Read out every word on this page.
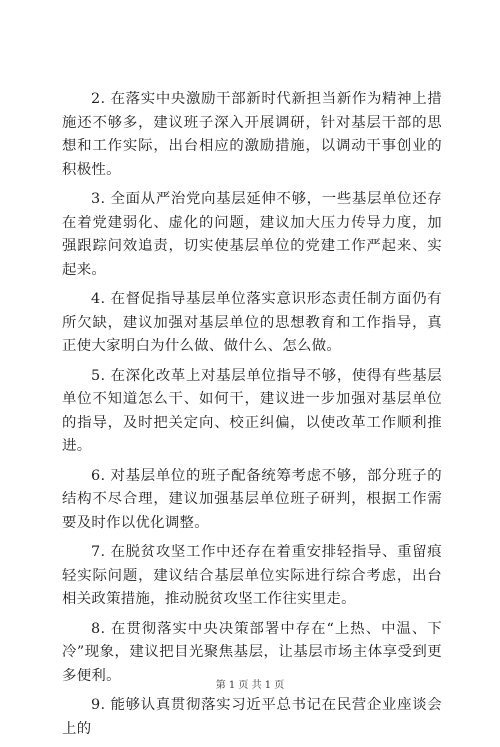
2. 在落实中央激励干部新时代新担当新作为精神上措施还不够多，建议班子深入开展调研，针对基层干部的思想和工作实际，出台相应的激励措施，以调动干事创业的积极性。

3. 全面从严治党向基层延伸不够，一些基层单位还存在着党建弱化、虚化的问题，建议加大压力传导力度，加强跟踪问效追责，切实使基层单位的党建工作严起来、实起来。

4. 在督促指导基层单位落实意识形态责任制方面仍有所欠缺，建议加强对基层单位的思想教育和工作指导，真正使大家明白为什么做、做什么、怎么做。

5. 在深化改革上对基层单位指导不够，使得有些基层单位不知道怎么干、如何干，建议进一步加强对基层单位的指导，及时把关定向、校正纠偏，以使改革工作顺利推进。

6. 对基层单位的班子配备统筹考虑不够，部分班子的结构不尽合理，建议加强基层单位班子研判，根据工作需要及时作以优化调整。

7. 在脱贫攻坚工作中还存在着重安排轻指导、重留痕轻实际问题，建议结合基层单位实际进行综合考虑，出台相关政策措施，推动脱贫攻坚工作往实里走。

8. 在贯彻落实中央决策部署中存在“上热、中温、下冷”现象，建议把目光聚焦基层，让基层市场主体享受到更多便利。

9. 能够认真贯彻落实习近平总书记在民营企业座谈会上的

第 1 页 共 1 页
